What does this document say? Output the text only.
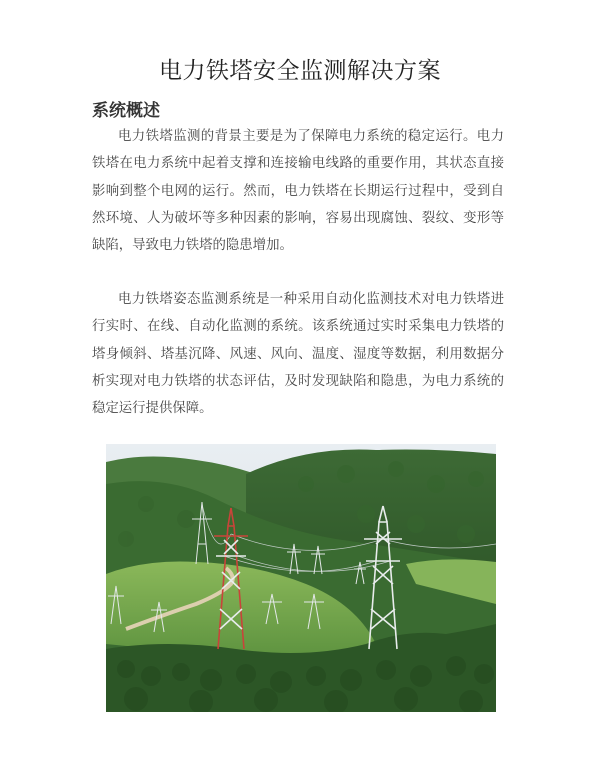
电力铁塔安全监测解决方案
系统概述

电力铁塔监测的背景主要是为了保障电力系统的稳定运行。电力铁塔在电力系统中起着支撑和连接输电线路的重要作用，其状态直接影响到整个电网的运行。然而，电力铁塔在长期运行过程中，受到自然环境、人为破坏等多种因素的影响，容易出现腐蚀、裂纹、变形等缺陷，导致电力铁塔的隐患增加。

电力铁塔姿态监测系统是一种采用自动化监测技术对电力铁塔进行实时、在线、自动化监测的系统。该系统通过实时采集电力铁塔的塔身倾斜、塔基沉降、风速、风向、温度、湿度等数据，利用数据分析实现对电力铁塔的状态评估，及时发现缺陷和隐患，为电力系统的稳定运行提供保障。
